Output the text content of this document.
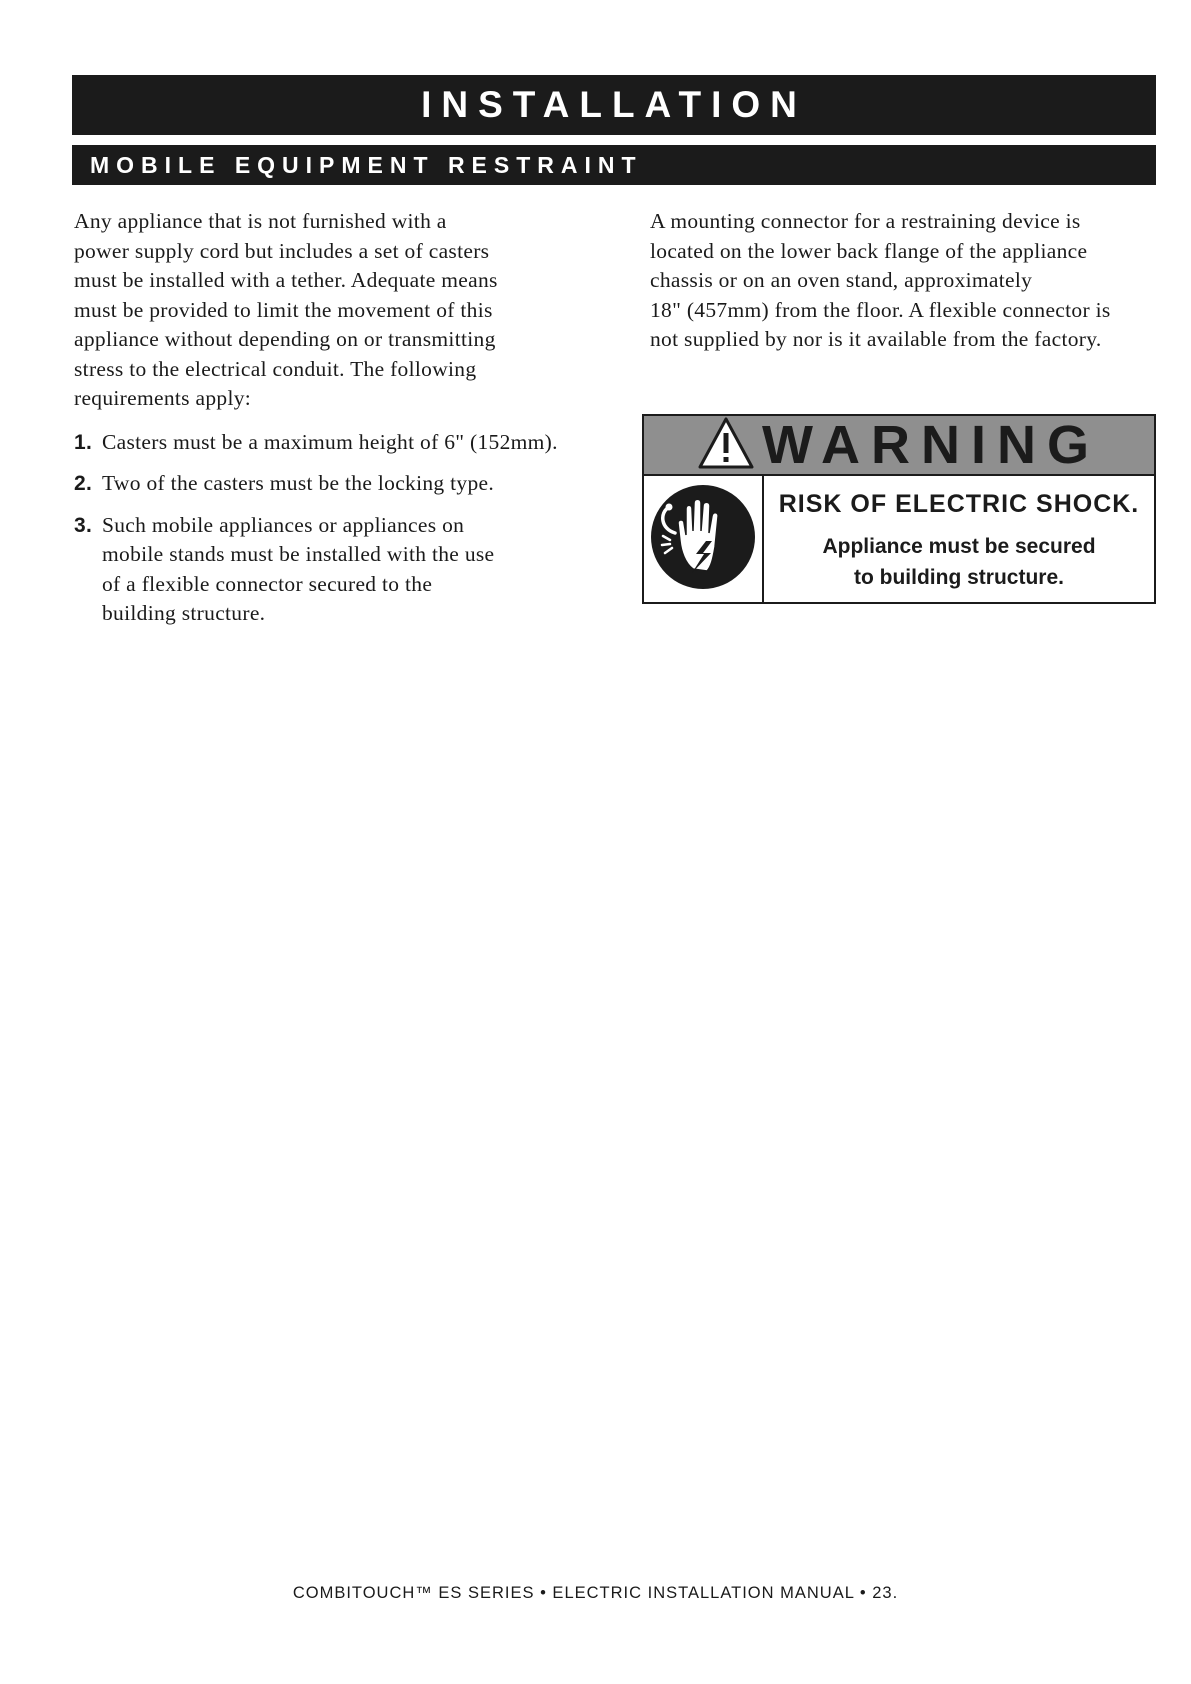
INSTALLATION
MOBILE EQUIPMENT RESTRAINT

Any appliance that is not furnished with a
power supply cord but includes a set of casters
must be installed with a tether. Adequate means
must be provided to limit the movement of this
appliance without depending on or transmitting
stress to the electrical conduit. The following
requirements apply:

1. Casters must be a maximum height of 6" (152mm).
2. Two of the casters must be the locking type.
3. Such mobile appliances or appliances on
mobile stands must be installed with the use
of a flexible connector secured to the
building structure.

A mounting connector for a restraining device is
located on the lower back flange of the appliance
chassis or on an oven stand, approximately
18" (457mm) from the floor. A flexible connector is
not supplied by nor is it available from the factory.

WARNING
RISK OF ELECTRIC SHOCK.
Appliance must be secured
to building structure.
COMBITOUCH™ ES SERIES • ELECTRIC INSTALLATION MANUAL • 23.
